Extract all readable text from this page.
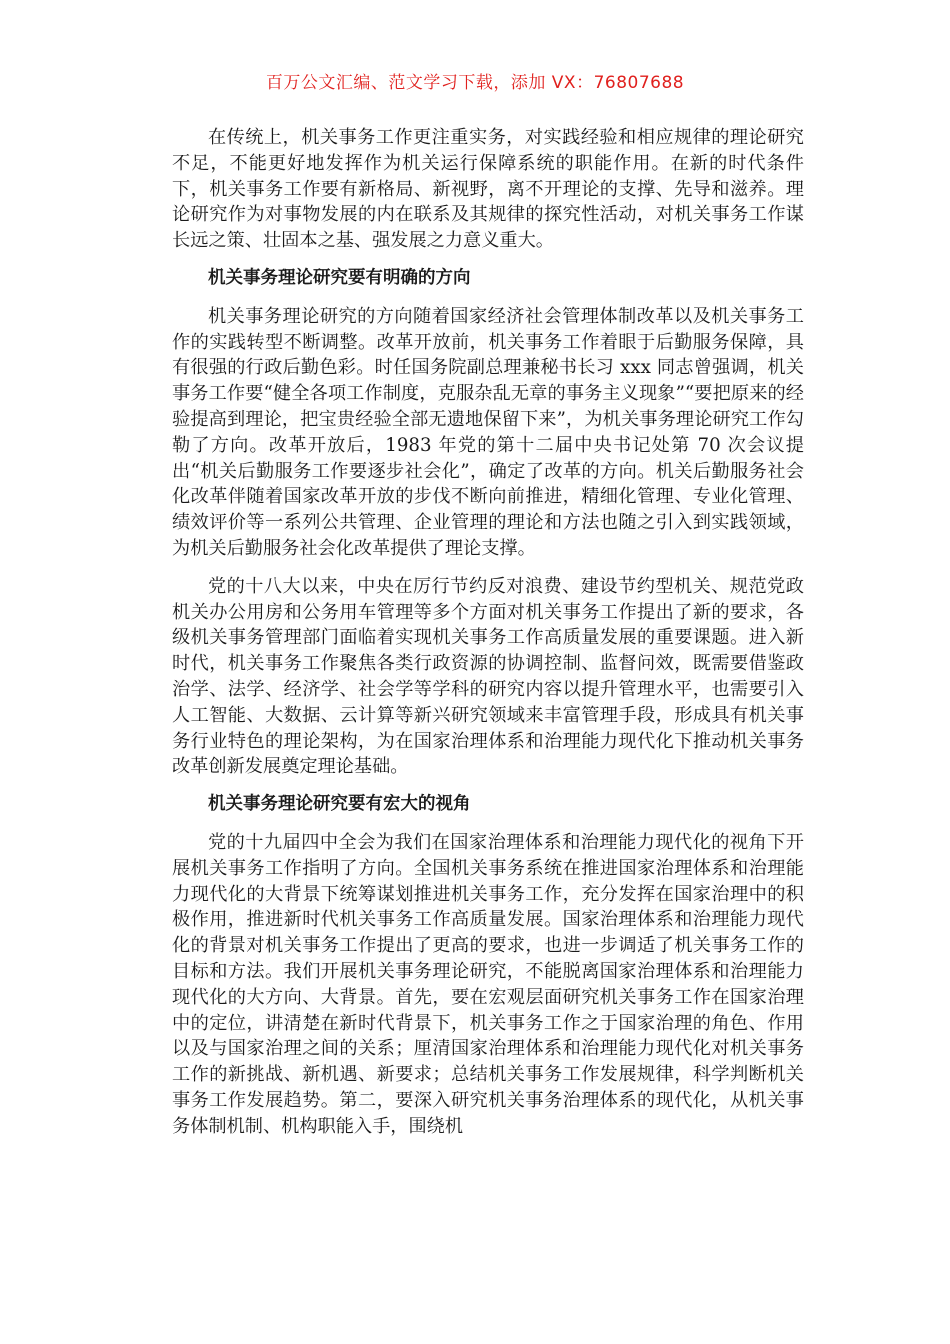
百万公文汇编、范文学习下载，添加 VX：76807688

在传统上，机关事务工作更注重实务，对实践经验和相应规律的理论研究不足，不能更好地发挥作为机关运行保障系统的职能作用。在新的时代条件下，机关事务工作要有新格局、新视野，离不开理论的支撑、先导和滋养。理论研究作为对事物发展的内在联系及其规律的探究性活动，对机关事务工作谋长远之策、壮固本之基、强发展之力意义重大。

机关事务理论研究要有明确的方向

机关事务理论研究的方向随着国家经济社会管理体制改革以及机关事务工作的实践转型不断调整。改革开放前，机关事务工作着眼于后勤服务保障，具有很强的行政后勤色彩。时任国务院副总理兼秘书长习 xxx 同志曾强调，机关事务工作要“健全各项工作制度，克服杂乱无章的事务主义现象”“要把原来的经验提高到理论，把宝贵经验全部无遗地保留下来”，为机关事务理论研究工作勾勒了方向。改革开放后，1983 年党的第十二届中央书记处第 70 次会议提出“机关后勤服务工作要逐步社会化”，确定了改革的方向。机关后勤服务社会化改革伴随着国家改革开放的步伐不断向前推进，精细化管理、专业化管理、绩效评价等一系列公共管理、企业管理的理论和方法也随之引入到实践领域，为机关后勤服务社会化改革提供了理论支撑。

党的十八大以来，中央在厉行节约反对浪费、建设节约型机关、规范党政机关办公用房和公务用车管理等多个方面对机关事务工作提出了新的要求，各级机关事务管理部门面临着实现机关事务工作高质量发展的重要课题。进入新时代，机关事务工作聚焦各类行政资源的协调控制、监督问效，既需要借鉴政治学、法学、经济学、社会学等学科的研究内容以提升管理水平，也需要引入人工智能、大数据、云计算等新兴研究领域来丰富管理手段，形成具有机关事务行业特色的理论架构，为在国家治理体系和治理能力现代化下推动机关事务改革创新发展奠定理论基础。

机关事务理论研究要有宏大的视角

党的十九届四中全会为我们在国家治理体系和治理能力现代化的视角下开展机关事务工作指明了方向。全国机关事务系统在推进国家治理体系和治理能力现代化的大背景下统筹谋划推进机关事务工作，充分发挥在国家治理中的积极作用，推进新时代机关事务工作高质量发展。国家治理体系和治理能力现代化的背景对机关事务工作提出了更高的要求，也进一步调适了机关事务工作的目标和方法。我们开展机关事务理论研究，不能脱离国家治理体系和治理能力现代化的大方向、大背景。首先，要在宏观层面研究机关事务工作在国家治理中的定位，讲清楚在新时代背景下，机关事务工作之于国家治理的角色、作用以及与国家治理之间的关系；厘清国家治理体系和治理能力现代化对机关事务工作的新挑战、新机遇、新要求；总结机关事务工作发展规律，科学判断机关事务工作发展趋势。第二，要深入研究机关事务治理体系的现代化，从机关事务体制机制、机构职能入手，围绕机
